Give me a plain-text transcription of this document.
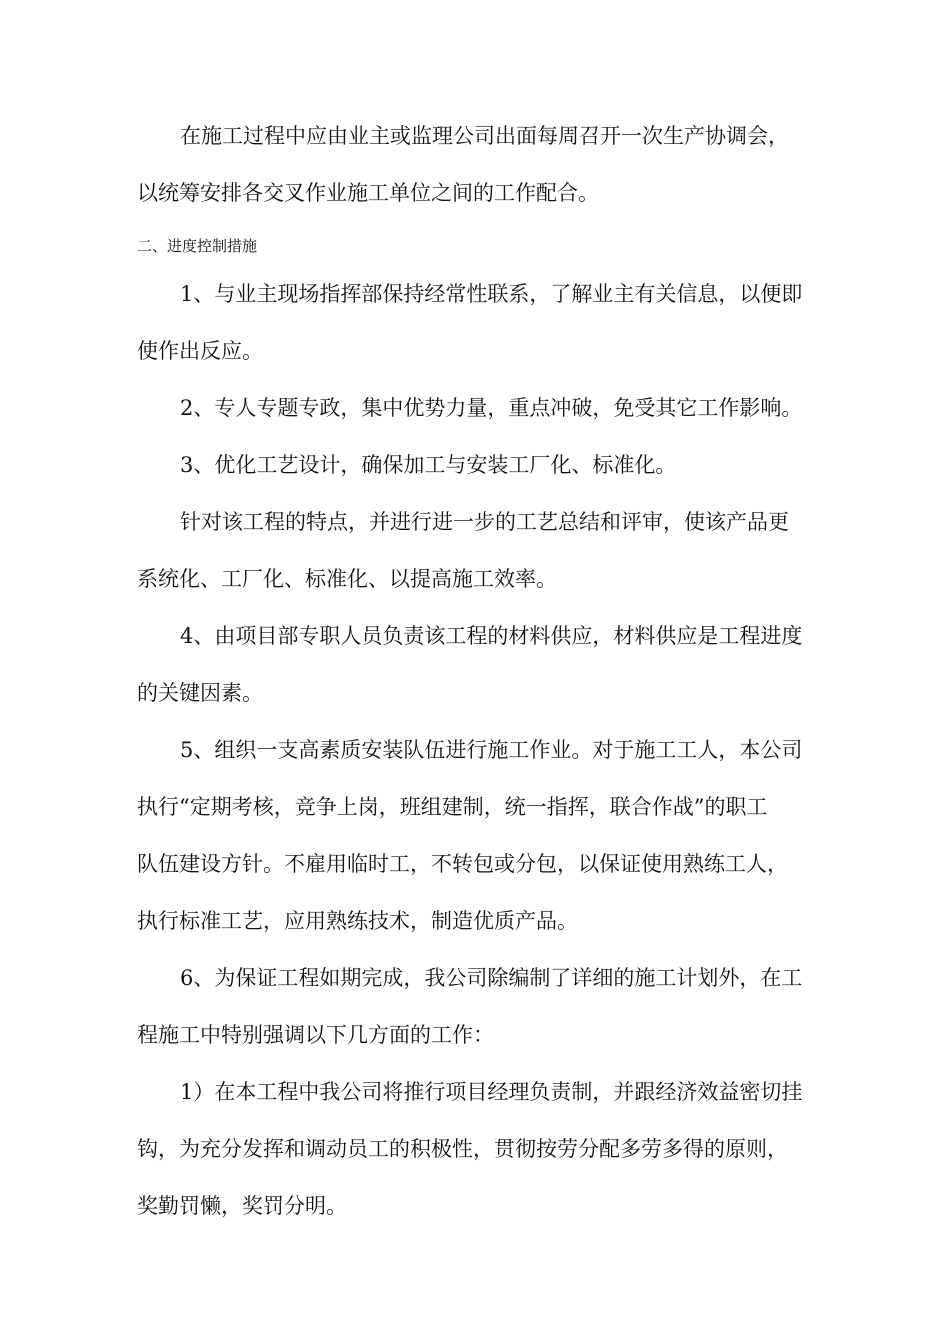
在施工过程中应由业主或监理公司出面每周召开一次生产协调会，
以统筹安排各交叉作业施工单位之间的工作配合。
二、进度控制措施
1、与业主现场指挥部保持经常性联系，了解业主有关信息，以便即
使作出反应。
2、专人专题专政，集中优势力量，重点冲破，免受其它工作影响。
3、优化工艺设计，确保加工与安装工厂化、标准化。
针对该工程的特点，并进行进一步的工艺总结和评审，使该产品更
系统化、工厂化、标准化、以提高施工效率。
4、由项目部专职人员负责该工程的材料供应，材料供应是工程进度
的关键因素。
5、组织一支高素质安装队伍进行施工作业。对于施工工人，本公司
执行“定期考核，竞争上岗，班组建制，统一指挥，联合作战”的职工
队伍建设方针。不雇用临时工，不转包或分包，以保证使用熟练工人，
执行标准工艺，应用熟练技术，制造优质产品。
6、为保证工程如期完成，我公司除编制了详细的施工计划外，在工
程施工中特别强调以下几方面的工作：
1）在本工程中我公司将推行项目经理负责制，并跟经济效益密切挂
钩，为充分发挥和调动员工的积极性，贯彻按劳分配多劳多得的原则，
奖勤罚懒，奖罚分明。
